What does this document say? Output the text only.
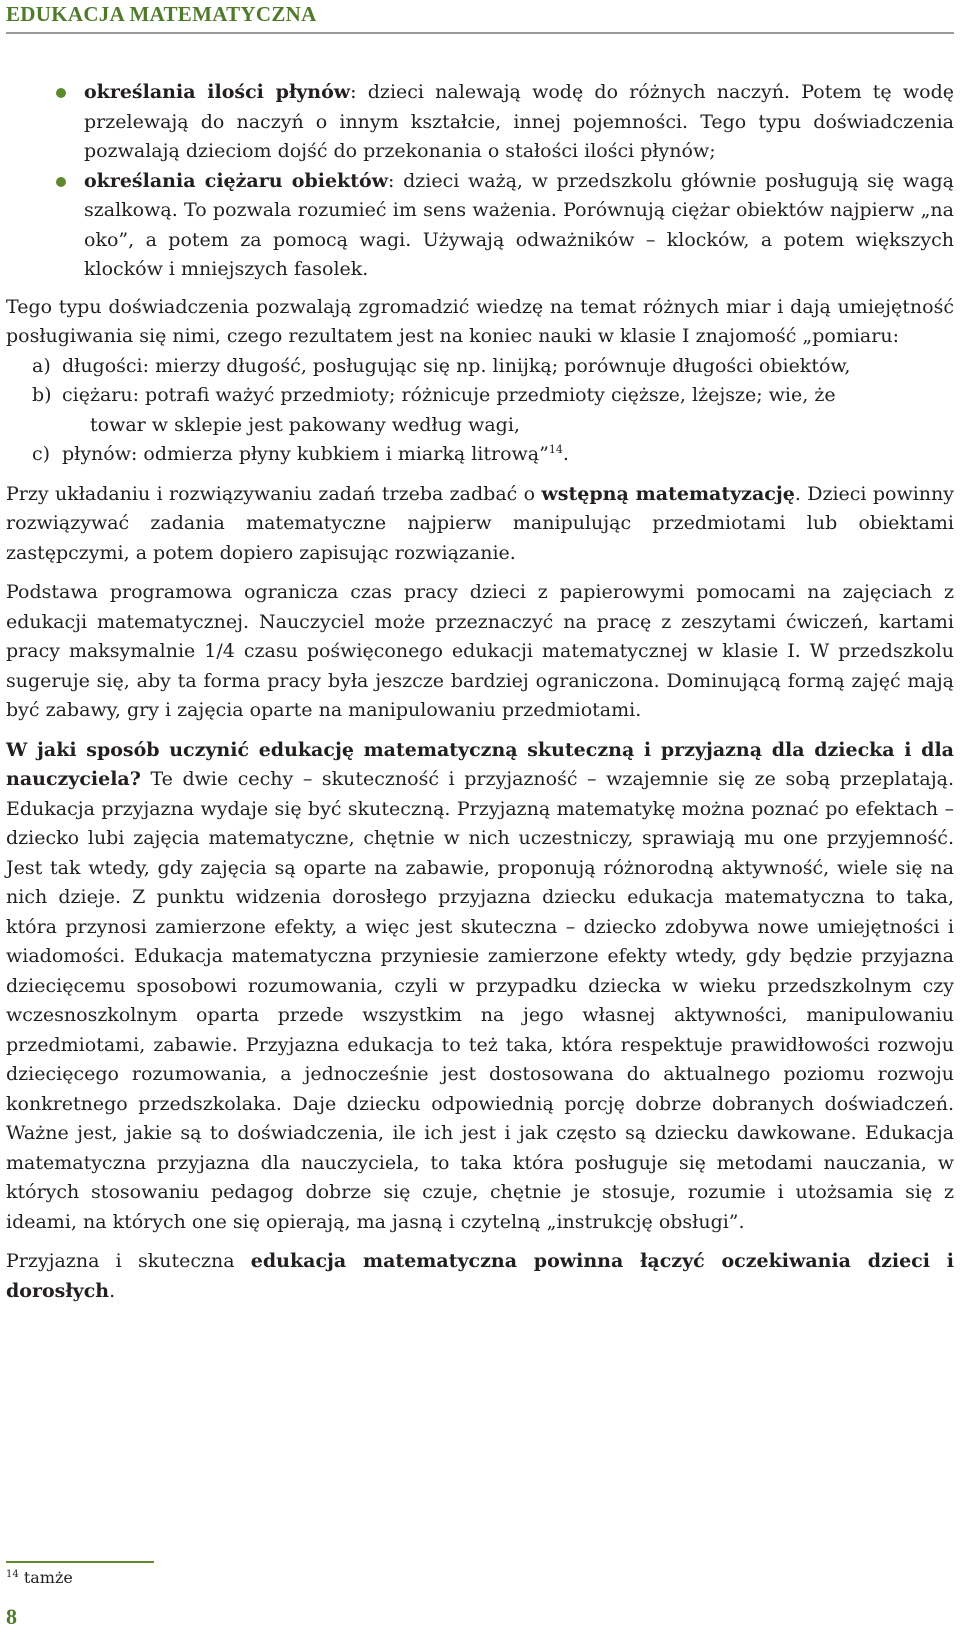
EDUKACJA MATEMATYCZNA
określania ilości płynów: dzieci nalewają wodę do różnych naczyń. Potem tę wodę przelewają do naczyń o innym kształcie, innej pojemności. Tego typu doświadczenia pozwalają dzieciom dojść do przekonania o stałości ilości płynów;
określania ciężaru obiektów: dzieci ważą, w przedszkolu głównie posługują się wagą szalkową. To pozwala rozumieć im sens ważenia. Porównują ciężar obiektów najpierw „na oko”, a potem za pomocą wagi. Używają odważników – klocków, a potem większych klocków i mniejszych fasolek.

Tego typu doświadczenia pozwalają zgromadzić wiedzę na temat różnych miar i dają umiejętność posługiwania się nimi, czego rezultatem jest na koniec nauki w klasie I znajomość „pomiaru:

a) długości: mierzy długość, posługując się np. linijką; porównuje długości obiektów,
b) ciężaru: potrafi ważyć przedmioty; różnicuje przedmioty cięższe, lżejsze; wie, że
towar w sklepie jest pakowany według wagi,
c) płynów: odmierza płyny kubkiem i miarką litrową”$^{14}$.

Przy układaniu i rozwiązywaniu zadań trzeba zadbać o wstępną matematyzację. Dzieci powinny rozwiązywać zadania matematyczne najpierw manipulując przedmiotami lub obiektami zastępczymi, a potem dopiero zapisując rozwiązanie.

Podstawa programowa ogranicza czas pracy dzieci z papierowymi pomocami na zajęciach z edukacji matematycznej. Nauczyciel może przeznaczyć na pracę z zeszytami ćwiczeń, kartami pracy maksymalnie 1/4 czasu poświęconego edukacji matematycznej w klasie I. W przedszkolu sugeruje się, aby ta forma pracy była jeszcze bardziej ograniczona. Dominującą formą zajęć mają być zabawy, gry i zajęcia oparte na manipulowaniu przedmiotami.

W jaki sposób uczynić edukację matematyczną skuteczną i przyjazną dla dziecka i dla nauczyciela? Te dwie cechy – skuteczność i przyjazność – wzajemnie się ze sobą przeplatają. Edukacja przyjazna wydaje się być skuteczną. Przyjazną matematykę można poznać po efektach – dziecko lubi zajęcia matematyczne, chętnie w nich uczestniczy, sprawiają mu one przyjemność. Jest tak wtedy, gdy zajęcia są oparte na zabawie, proponują różnorodną aktywność, wiele się na nich dzieje. Z punktu widzenia dorosłego przyjazna dziecku edukacja matematyczna to taka, która przynosi zamierzone efekty, a więc jest skuteczna – dziecko zdobywa nowe umiejętności i wiadomości. Edukacja matematyczna przyniesie zamierzone efekty wtedy, gdy będzie przyjazna dziecięcemu sposobowi rozumowania, czyli w przypadku dziecka w wieku przedszkolnym czy wczesnoszkolnym oparta przede wszystkim na jego własnej aktywności, manipulowaniu przedmiotami, zabawie. Przyjazna edukacja to też taka, która respektuje prawidłowości rozwoju dziecięcego rozumowania, a jednocześnie jest dostosowana do aktualnego poziomu rozwoju konkretnego przedszkolaka. Daje dziecku odpowiednią porcję dobrze dobranych doświadczeń. Ważne jest, jakie są to doświadczenia, ile ich jest i jak często są dziecku dawkowane. Edukacja matematyczna przyjazna dla nauczyciela, to taka która posługuje się metodami nauczania, w których stosowaniu pedagog dobrze się czuje, chętnie je stosuje, rozumie i utożsamia się z ideami, na których one się opierają, ma jasną i czytelną „instrukcję obsługi”.

Przyjazna i skuteczna edukacja matematyczna powinna łączyć oczekiwania dzieci i dorosłych.

$^{14}$ tamże
8
